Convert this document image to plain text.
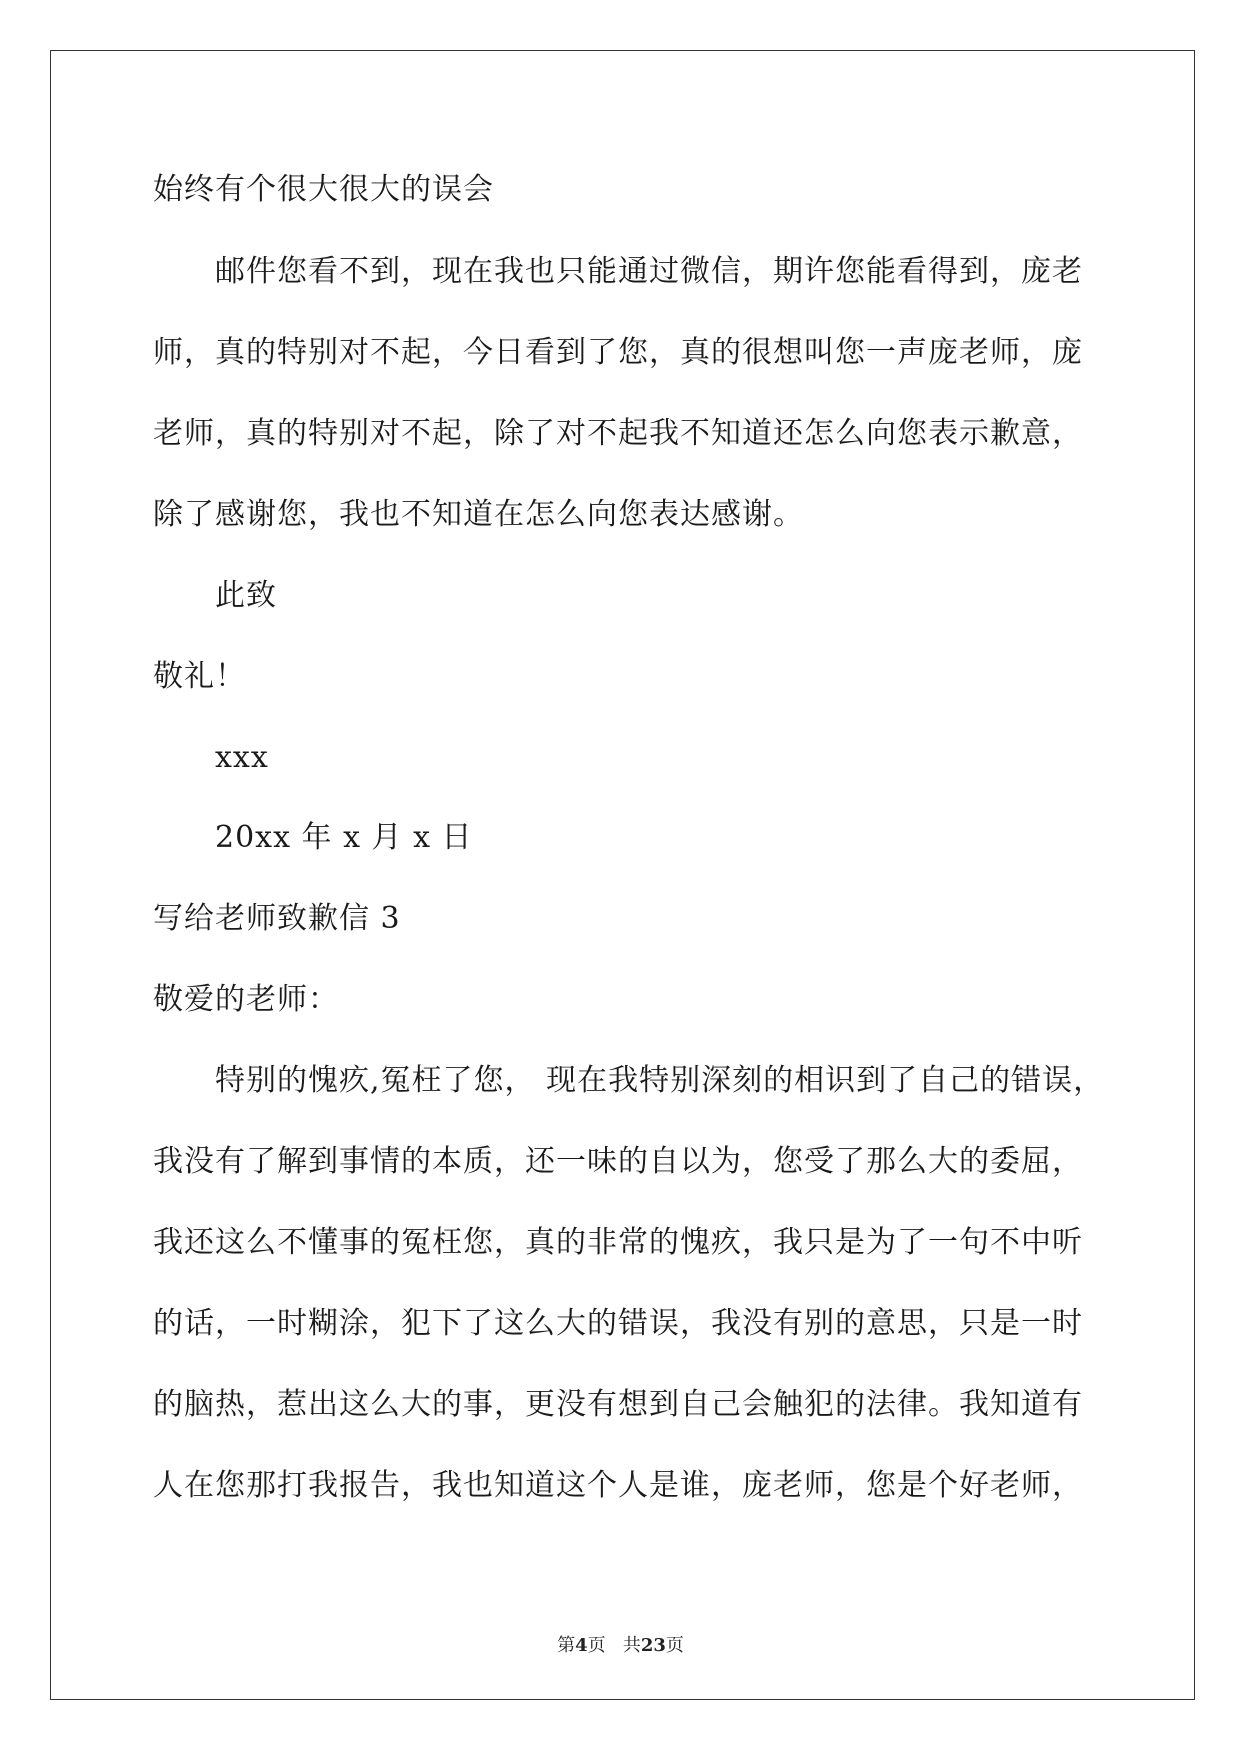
始终有个很大很大的误会
邮件您看不到，现在我也只能通过微信，期许您能看得到，庞老
师，真的特别对不起，今日看到了您，真的很想叫您一声庞老师，庞
老师，真的特别对不起，除了对不起我不知道还怎么向您表示歉意，
除了感谢您，我也不知道在怎么向您表达感谢。
此致
敬礼！
xxx
20xx 年 x 月 x 日
写给老师致歉信 3
敬爱的老师：
特别的愧疚,冤枉了您， 现在我特别深刻的相识到了自己的错误，
我没有了解到事情的本质，还一味的自以为，您受了那么大的委屈，
我还这么不懂事的冤枉您，真的非常的愧疚，我只是为了一句不中听
的话，一时糊涂，犯下了这么大的错误，我没有别的意思，只是一时
的脑热，惹出这么大的事，更没有想到自己会触犯的法律。我知道有
人在您那打我报告，我也知道这个人是谁，庞老师，您是个好老师，
第4页 共23页
